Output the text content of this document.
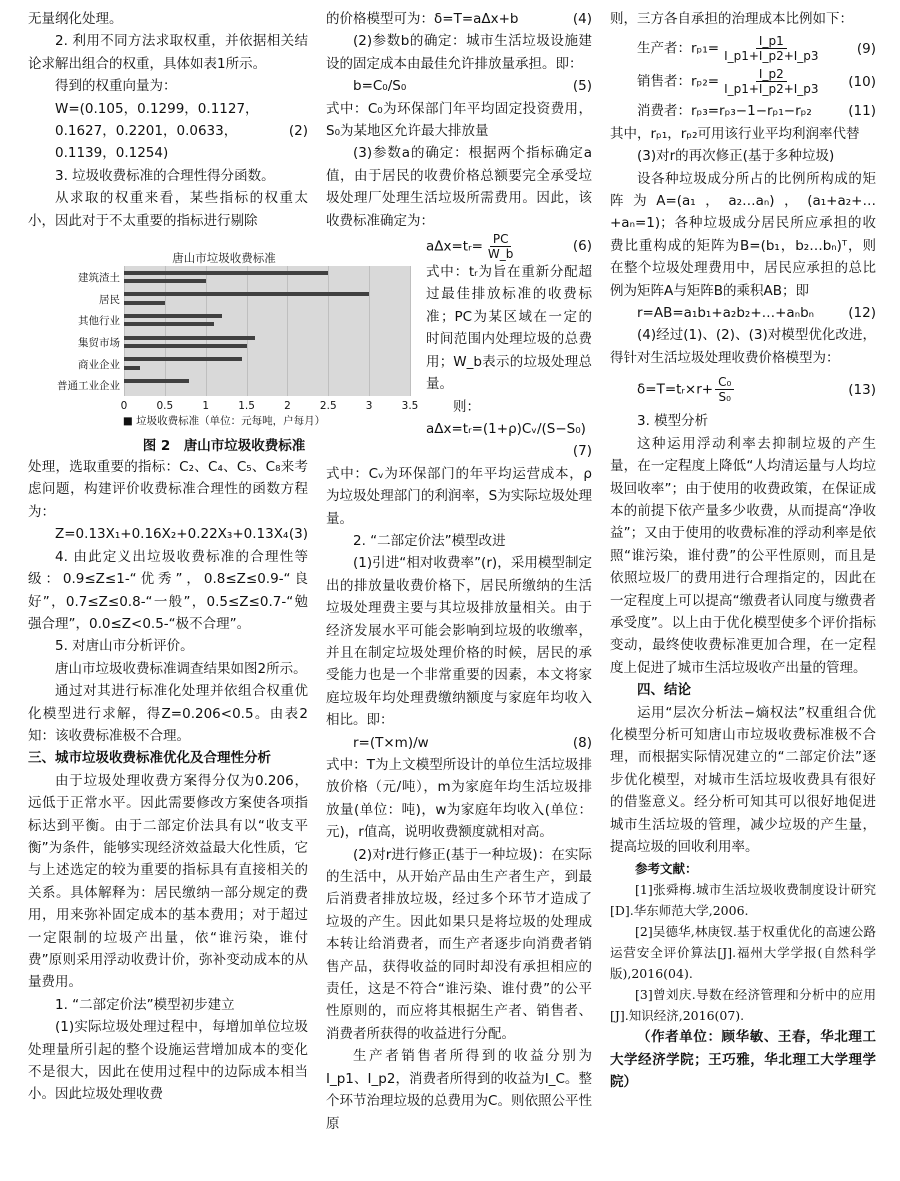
无量纲化处理。

2. 利用不同方法求取权重，并依据相关结论求解出组合的权重，具体如表1所示。

得到的权重向量为：

W=(0.105，0.1299，0.1127，0.1627，0.2201，0.0633，0.1139，0.1254)
(2)

3. 垃圾收费标准的合理性得分函数。

从求取的权重来看，某些指标的权重太小，因此对于不太重要的指标进行剔除

处理，选取重要的指标：C₂、C₄、C₅、C₈来考虑问题，构建评价收费标准合理性的函数方程为：

Z=0.13X₁+0.16X₂+0.22X₃+0.13X₄ (3)

4. 由此定义出垃圾收费标准的合理性等级：0.9≤Z≤1-“优秀”，0.8≤Z≤0.9-“良好”，0.7≤Z≤0.8-“一般”，0.5≤Z≤0.7-“勉强合理”，0.0≤Z<0.5-“极不合理”。

5. 对唐山市分析评价。

唐山市垃圾收费标准调查结果如图2所示。

通过对其进行标准化处理并依组合权重优化模型进行求解，得Z=0.206<0.5。由表2知：该收费标准极不合理。

三、城市垃圾收费标准优化及合理性分析

由于垃圾处理收费方案得分仅为0.206，远低于正常水平。因此需要修改方案使各项指标达到平衡。由于二部定价法具有以“收支平衡”为条件，能够实现经济效益最大化性质，它与上述选定的较为重要的指标具有直接相关的关系。具体解释为：居民缴纳一部分规定的费用，用来弥补固定成本的基本费用；对于超过一定限制的垃圾产出量，依“谁污染，谁付费”原则采用浮动收费计价，弥补变动成本的从量费用。

1. “二部定价法”模型初步建立

(1)实际垃圾处理过程中，每增加单位垃圾处理量所引起的整个设施运营增加成本的变化不是很大，因此在使用过程中的边际成本相当小。因此垃圾处理收费

唐山市垃圾收费标准
■ 垃圾收费标准（单位：元每吨，户每月）
0	0.5	1	1.5	2	2.5	3	3.5
建筑渣土
居民
其他行业
集贸市场
商业企业
普通工业企业
图 2　唐山市垃圾收费标准
的价格模型可为：δ=T=aΔx+b	(4)

(2)参数b的确定：城市生活垃圾设施建设的固定成本由最佳允许排放量承担。即：

b=C₀/S₀	(5)

式中：C₀为环保部门年平均固定投资费用，S₀为某地区允许最大排放量

(3)参数a的确定：根据两个指标确定a值，由于居民的收费价格总额要完全承受垃圾处理厂处理生活垃圾所需费用。因此，该收费标准确定为：

aΔx=tᵣ= $\frac{PC}{W\_b}$	(6)

式中：tᵣ为旨在重新分配超过最佳排放标准的收费标准；PC为某区域在一定的时间范围内处理垃圾的总费用；W_b表示的垃圾处理总量。

则：

aΔx=tᵣ=(1+ρ)Cᵥ/(S−S₀)
(7)

式中：Cᵥ为环保部门的年平均运营成本，ρ为垃圾处理部门的利润率，S为实际垃圾处理量。

2. “二部定价法”模型改进

(1)引进“相对收费率”(r)，采用模型制定出的排放量收费价格下，居民所缴纳的生活垃圾处理费主要与其垃圾排放量相关。由于经济发展水平可能会影响到垃圾的收缴率，并且在制定垃圾处理价格的时候，居民的承受能力也是一个非常重要的因素，本文将家庭垃圾年均处理费缴纳额度与家庭年均收入相比。即：

r=(T×m)/w	(8)

式中：T为上文模型所设计的单位生活垃圾排放价格（元/吨），m为家庭年均生活垃圾排放量(单位：吨)，w为家庭年均收入(单位：元)，r值高，说明收费额度就相对高。

(2)对r进行修正(基于一种垃圾)：在实际的生活中，从开始产品由生产者生产，到最后消费者排放垃圾，经过多个环节才造成了垃圾的产生。因此如果只是将垃圾的处理成本转让给消费者，而生产者逐步向消费者销售产品，获得收益的同时却没有承担相应的责任，这是不符合“谁污染、谁付费”的公平性原则的，而应将其根据生产者、销售者、消费者所获得的收益进行分配。

生产者销售者所得到的收益分别为I_p1、I_p2，消费者所得到的收益为I_C。整个环节治理垃圾的总费用为C。则依照公平性原

则，三方各自承担的治理成本比例如下：

生产者：$r_{p1}= \frac{I\_p1}{I\_p1+I\_p2+I\_p3}$	(9)
销售者：$r_{p2}= \frac{I\_p2}{I\_p1+I\_p2+I\_p3} (10)$
消费者：rₚ₃=rₚ₃−1−rₚ₁−rₚ₂	(11)

其中，rₚ₁，rₚ₂可用该行业平均利润率代替

(3)对r的再次修正(基于多种垃圾)

设各种垃圾成分所占的比例所构成的矩阵为A=(a₁，a₂…aₙ)，(a₁+a₂+…+aₙ=1)；各种垃圾成分居民所应承担的收费比重构成的矩阵为B=(b₁，b₂…bₙ)ᵀ，则在整个垃圾处理费用中，居民应承担的总比例为矩阵A与矩阵B的乘积AB；即

r=AB=a₁b₁+a₂b₂+…+aₙbₙ	(12)

(4)经过(1)、(2)、(3)对模型优化改进，得针对生活垃圾处理收费价格模型为：

δ=T=tᵣ×r+ $\frac{\text{C₀}}{\text{S₀}}$	(13)

3. 模型分析

这种运用浮动利率去抑制垃圾的产生量，在一定程度上降低“人均清运量与人均垃圾回收率”；由于使用的收费政策，在保证成本的前提下依产量多少收费，从而提高“净收益”；又由于使用的收费标准的浮动利率是依照“谁污染，谁付费”的公平性原则，而且是依照垃圾厂的费用进行合理指定的，因此在一定程度上可以提高“缴费者认同度与缴费者承受度”。以上由于优化模型使多个评价指标变动，最终使收费标准更加合理，在一定程度上促进了城市生活垃圾收产出量的管理。

四、结论

运用“层次分析法−熵权法”权重组合优化模型分析可知唐山市垃圾收费标准极不合理，而根据实际情况建立的“二部定价法”逐步优化模型，对城市生活垃圾收费具有很好的借鉴意义。经分析可知其可以很好地促进城市生活垃圾的管理，减少垃圾的产生量，提高垃圾的回收利用率。

参考文献：

[1]张舜梅.城市生活垃圾收费制度设计研究[D].华东师范大学,2006.

[2]吴德华,林庚钗.基于权重优化的高速公路运营安全评价算法[J].福州大学学报(自然科学版),2016(04).

[3]曾刘庆.导数在经济管理和分析中的应用[J].知识经济,2016(07).

（作者单位：顾华敏、王春，华北理工大学经济学院；王巧雅，华北理工大学理学院）
